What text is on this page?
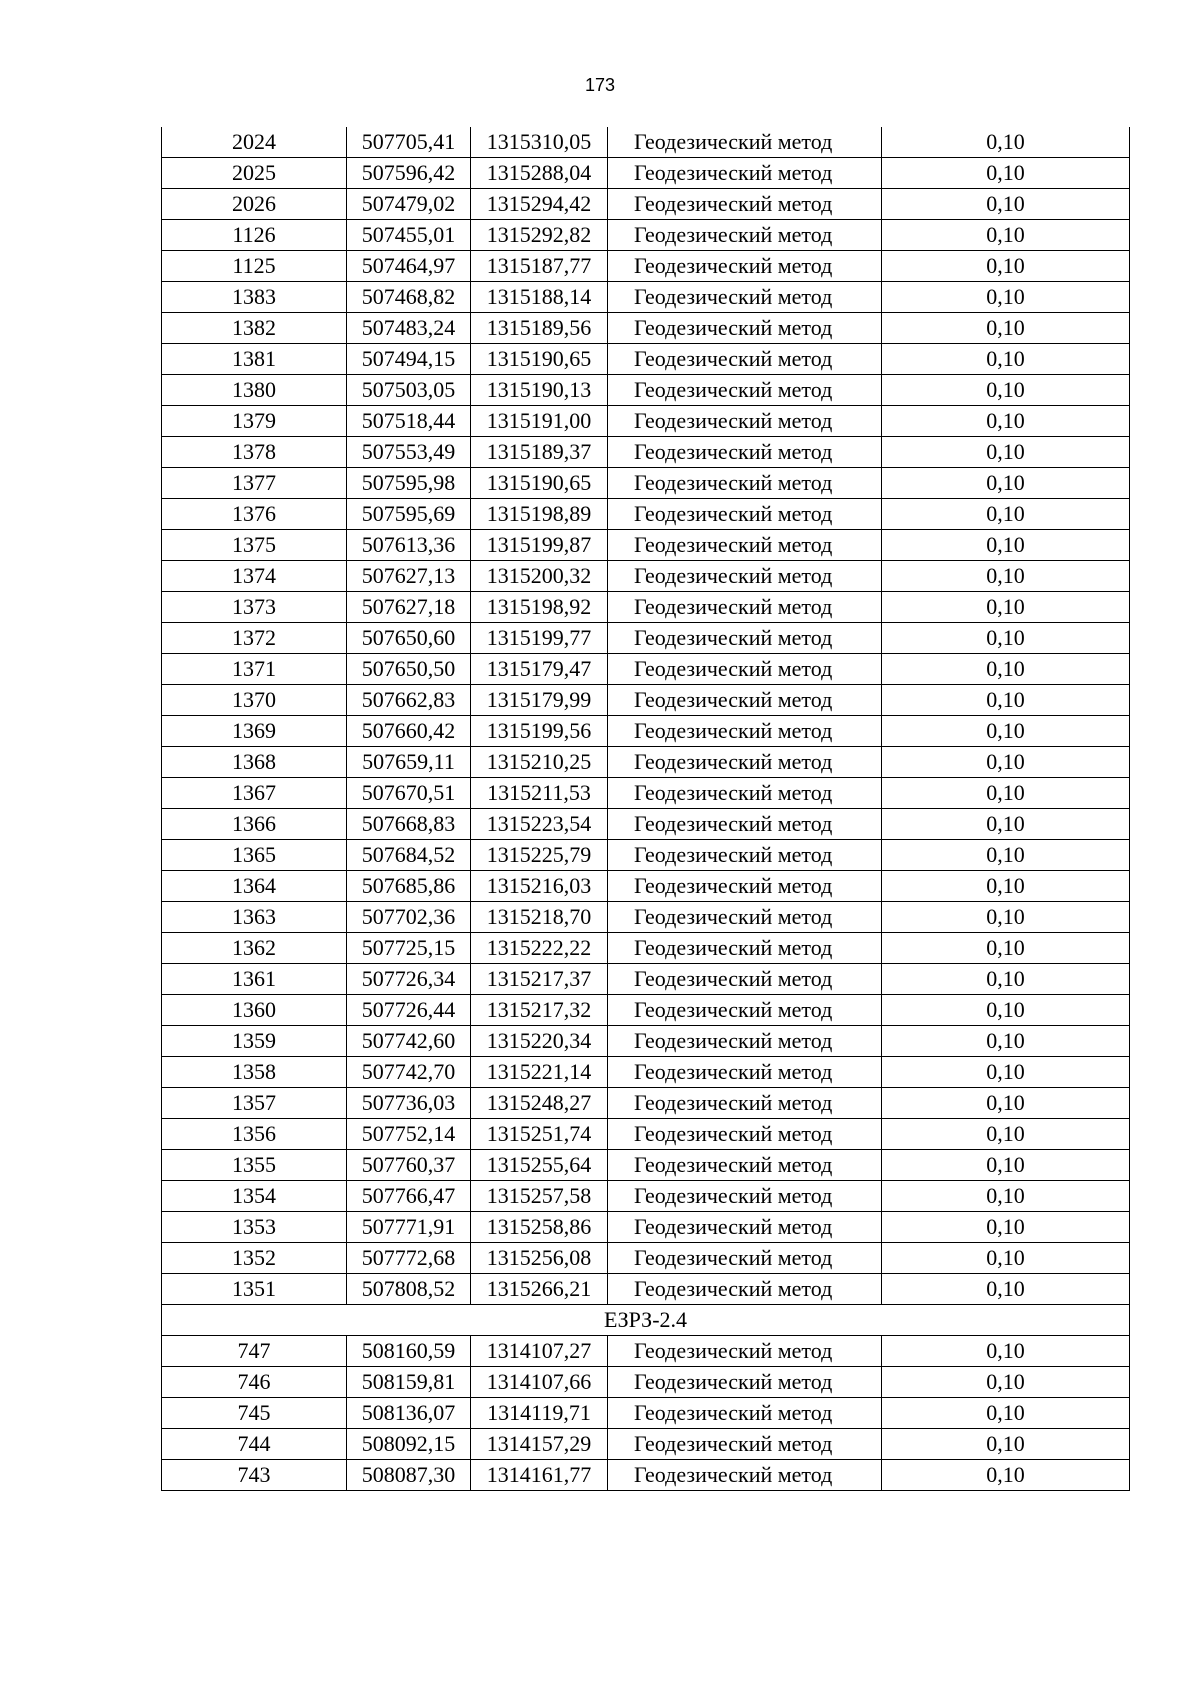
173
2024	507705,41	1315310,05	Геодезический метод	0,10
2025	507596,42	1315288,04	Геодезический метод	0,10
2026	507479,02	1315294,42	Геодезический метод	0,10
1126	507455,01	1315292,82	Геодезический метод	0,10
1125	507464,97	1315187,77	Геодезический метод	0,10
1383	507468,82	1315188,14	Геодезический метод	0,10
1382	507483,24	1315189,56	Геодезический метод	0,10
1381	507494,15	1315190,65	Геодезический метод	0,10
1380	507503,05	1315190,13	Геодезический метод	0,10
1379	507518,44	1315191,00	Геодезический метод	0,10
1378	507553,49	1315189,37	Геодезический метод	0,10
1377	507595,98	1315190,65	Геодезический метод	0,10
1376	507595,69	1315198,89	Геодезический метод	0,10
1375	507613,36	1315199,87	Геодезический метод	0,10
1374	507627,13	1315200,32	Геодезический метод	0,10
1373	507627,18	1315198,92	Геодезический метод	0,10
1372	507650,60	1315199,77	Геодезический метод	0,10
1371	507650,50	1315179,47	Геодезический метод	0,10
1370	507662,83	1315179,99	Геодезический метод	0,10
1369	507660,42	1315199,56	Геодезический метод	0,10
1368	507659,11	1315210,25	Геодезический метод	0,10
1367	507670,51	1315211,53	Геодезический метод	0,10
1366	507668,83	1315223,54	Геодезический метод	0,10
1365	507684,52	1315225,79	Геодезический метод	0,10
1364	507685,86	1315216,03	Геодезический метод	0,10
1363	507702,36	1315218,70	Геодезический метод	0,10
1362	507725,15	1315222,22	Геодезический метод	0,10
1361	507726,34	1315217,37	Геодезический метод	0,10
1360	507726,44	1315217,32	Геодезический метод	0,10
1359	507742,60	1315220,34	Геодезический метод	0,10
1358	507742,70	1315221,14	Геодезический метод	0,10
1357	507736,03	1315248,27	Геодезический метод	0,10
1356	507752,14	1315251,74	Геодезический метод	0,10
1355	507760,37	1315255,64	Геодезический метод	0,10
1354	507766,47	1315257,58	Геодезический метод	0,10
1353	507771,91	1315258,86	Геодезический метод	0,10
1352	507772,68	1315256,08	Геодезический метод	0,10
1351	507808,52	1315266,21	Геодезический метод	0,10
ЕЗРЗ-2.4				
747	508160,59	1314107,27	Геодезический метод	0,10
746	508159,81	1314107,66	Геодезический метод	0,10
745	508136,07	1314119,71	Геодезический метод	0,10
744	508092,15	1314157,29	Геодезический метод	0,10
743	508087,30	1314161,77	Геодезический метод	0,10
